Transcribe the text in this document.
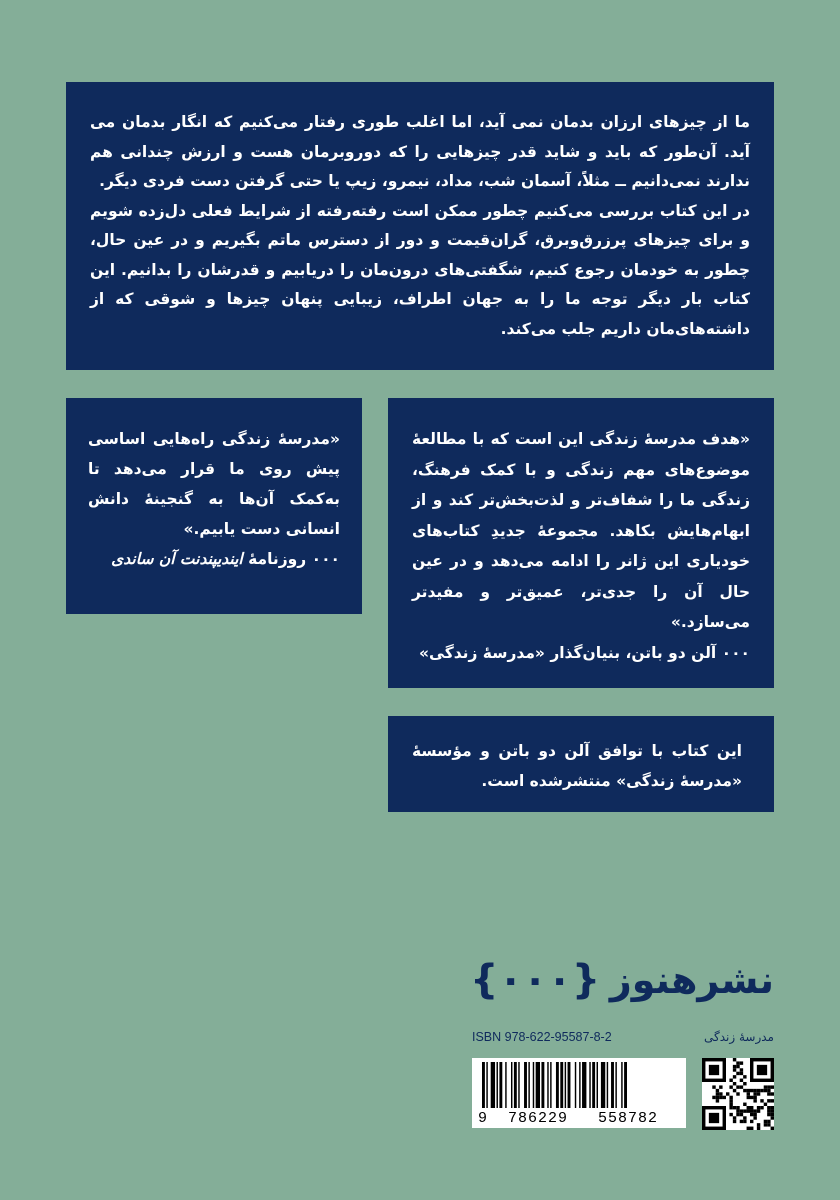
ما از چیزهای ارزان بدمان نمی آید، اما اغلب طوری رفتار می‌کنیم که انگار بدمان می آید. آن‌طور که باید و شاید قدر چیزهایی را که دوروبرمان هست و ارزش چندانی هم ندارند نمی‌دانیم ــ مثلاً، آسمان شب، مداد، نیمرو، زیپ یا حتی گرفتن دست فردی دیگر.

در این کتاب بررسی می‌کنیم چطور ممکن است رفته‌رفته از شرایط فعلی دل‌زده شویم و برای چیزهای پرزرق‌وبرق، گران‌قیمت و دور از دسترس ماتم بگیریم و در عین حال، چطور به خودمان رجوع کنیم، شگفتی‌های درون‌مان را دریابیم و قدرشان را بدانیم. این کتاب بار دیگر توجه ما را به جهان اطراف، زیبایی پنهان چیزها و شوقی که از داشته‌های‌مان داریم جلب می‌کند.

«مدرسهٔ زندگی راه‌هایی اساسی پیش روی ما قرار می‌دهد تا به‌کمک آن‌ها به گنجینهٔ دانش انسانی دست یابیم.»

۰۰۰ روزنامهٔ ایندیپندنت آن ساندی

«هدف مدرسهٔ زندگی این است که با مطالعهٔ موضوع‌های مهم زندگی و با کمک فرهنگ، زندگی ما را شفاف‌تر و لذت‌بخش‌تر کند و از ابهام‌هایش بکاهد. مجموعهٔ جدیدِ کتاب‌های خودیاری این ژانر را ادامه می‌دهد و در عین حال آن را جدی‌تر، عمیق‌تر و مفیدتر می‌سازد.»

۰۰۰ آلن دو باتن، بنیان‌گذار «مدرسهٔ زندگی»

این کتاب با توافق آلن دو باتن و مؤسسهٔ «مدرسهٔ زندگی» منتشرشده است.

نشرهنوز
{۰۰۰}
ISBN 978-622-95587-8-2	مدرسهٔ زندگی
9  786229   558782
